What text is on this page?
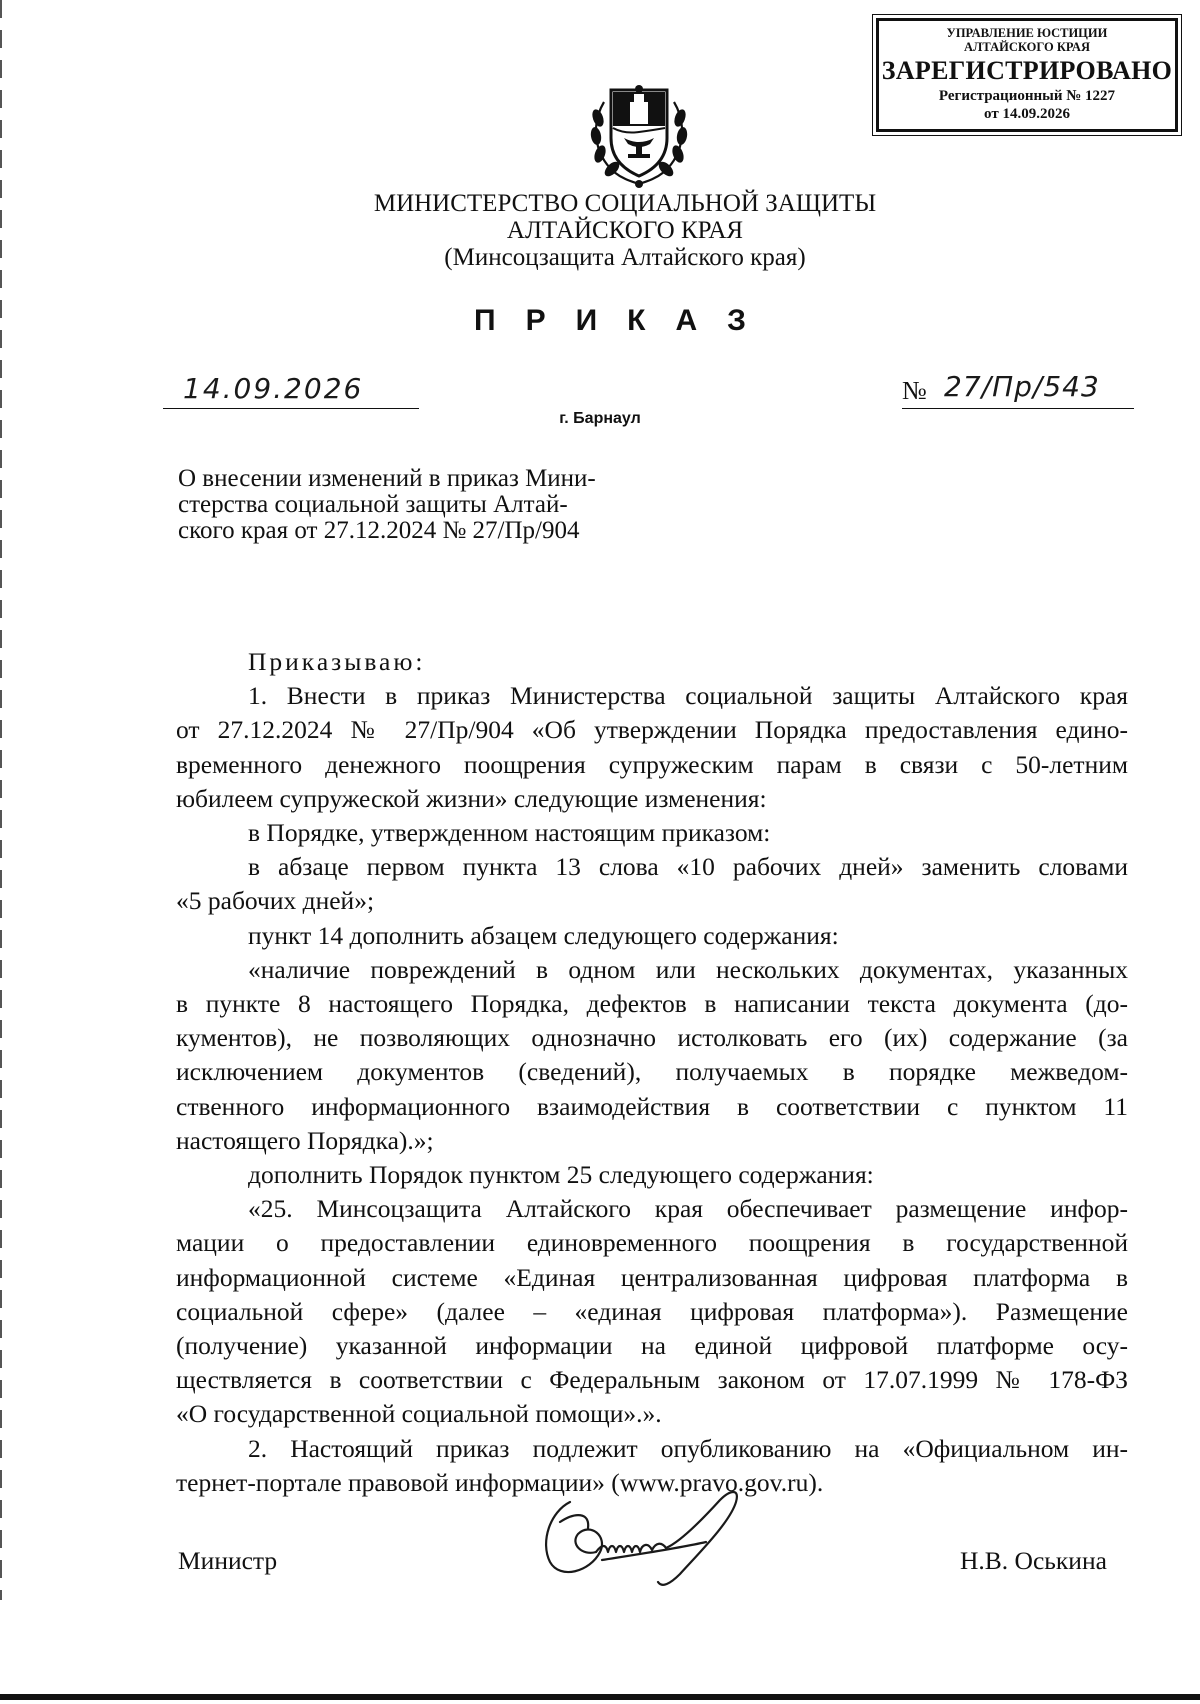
УПРАВЛЕНИЕ ЮСТИЦИИ
АЛТАЙСКОГО КРАЯ
ЗАРЕГИСТРИРОВАНО
Регистрационный № 1227
от 14.09.2026
МИНИСТЕРСТВО СОЦИАЛЬНОЙ ЗАЩИТЫ
АЛТАЙСКОГО КРАЯ
(Минсоцзащита Алтайского края)
ПРИКАЗ
14.09.2026	№ 27/Пр/543
г. Барнаул
О внесении изменений в приказ Мини-
стерства социальной защиты Алтай-
ского края от 27.12.2024 № 27/Пр/904
Приказываю:
1. Внести в приказ Министерства социальной защиты Алтайского края
от 27.12.2024 № 27/Пр/904 «Об утверждении Порядка предоставления едино-
временного денежного поощрения супружеским парам в связи с 50-летним
юбилеем супружеской жизни» следующие изменения:
в Порядке, утвержденном настоящим приказом:
в абзаце первом пункта 13 слова «10 рабочих дней» заменить словами
«5 рабочих дней»;
пункт 14 дополнить абзацем следующего содержания:
«наличие повреждений в одном или нескольких документах, указанных
в пункте 8 настоящего Порядка, дефектов в написании текста документа (до-
кументов), не позволяющих однозначно истолковать его (их) содержание (за
исключением документов (сведений), получаемых в порядке межведом-
ственного информационного взаимодействия в соответствии с пунктом 11
настоящего Порядка).»;
дополнить Порядок пунктом 25 следующего содержания:
«25. Минсоцзащита Алтайского края обеспечивает размещение инфор-
мации о предоставлении единовременного поощрения в государственной
информационной системе «Единая централизованная цифровая платформа в
социальной сфере» (далее – «единая цифровая платформа»). Размещение
(получение) указанной информации на единой цифровой платформе осу-
ществляется в соответствии с Федеральным законом от 17.07.1999 № 178-ФЗ
«О государственной социальной помощи».».
2. Настоящий приказ подлежит опубликованию на «Официальном ин-
тернет-портале правовой информации» (www.pravo.gov.ru).
Министр	Н.В. Оськина
